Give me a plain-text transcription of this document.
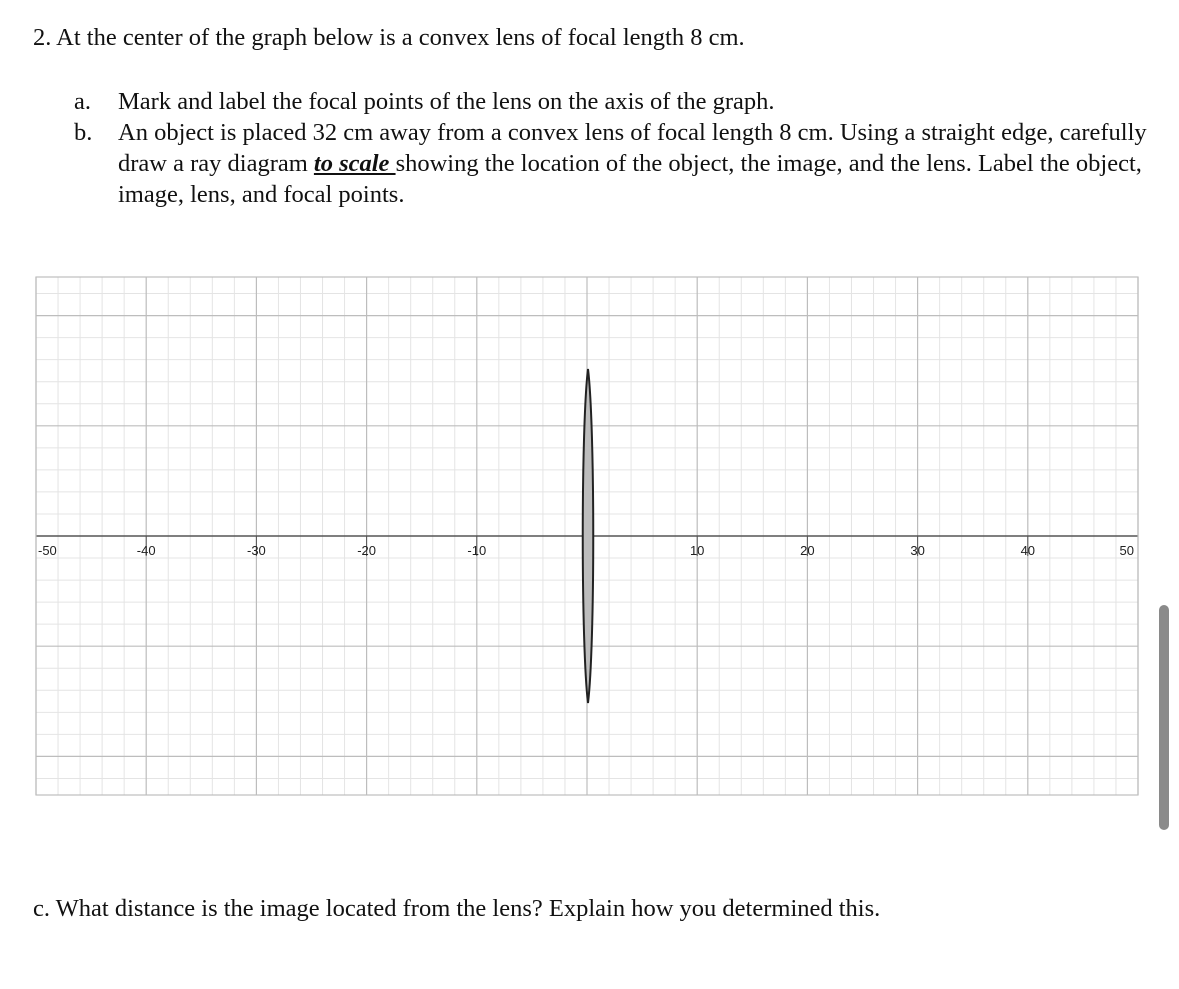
2. At the center of the graph below is a convex lens of focal length 8 cm.
a. Mark and label the focal points of the lens on the axis of the graph.
b. An object is placed 32 cm away from a convex lens of focal length 8 cm. Using a straight edge, carefully draw a ray diagram to scale showing the location of the object, the image, and the lens. Label the object, image, lens, and focal points.
-50	-40	-30	-20	-10	10	20	30	40	50
c. What distance is the image located from the lens? Explain how you determined this.
